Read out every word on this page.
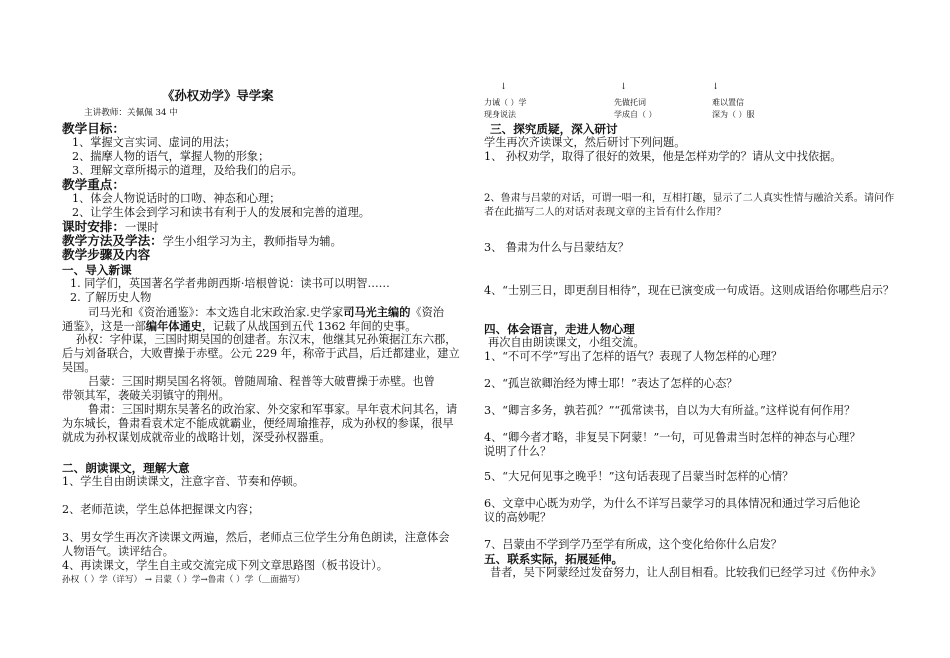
《孙权劝学》导学案
主讲教师：关佩佩 34 中
教学目标：
1、掌握文言实词、虚词的用法；
2、揣摩人物的语气，掌握人物的形象；
3、理解文章所揭示的道理，及给我们的启示。
教学重点：
1、体会人物说话时的口吻、神态和心理；
2、让学生体会到学习和读书有利于人的发展和完善的道理。
课时安排：一课时
教学方法及学法：学生小组学习为主，教师指导为辅。
教学步骤及内容
一、导入新课
1. 同学们，英国著名学者弗朗西斯·培根曾说：读书可以明智……
2. 了解历史人物
司马光和《资治通鉴》：本文选自北宋政治家.史学家司马光主编的《资治
通鉴》，这是一部编年体通史，记载了从战国到五代 1362 年间的史事。
孙权：字仲谋，三国时期吴国的创建者。东汉末，他继其兄孙策据江东六郡，
后与刘备联合，大败曹操于赤壁。公元 229 年，称帝于武昌，后迁都建业，建立
吴国。
吕蒙：三国时期吴国名将领。曾随周瑜、程普等大破曹操于赤壁。也曾
带领其军，袭破关羽镇守的荆州。
鲁肃：三国时期东吴著名的政治家、外交家和军事家。早年袁术问其名，请
为东城长，鲁肃看袁术定不能成就霸业，便经周瑜推荐，成为孙权的参谋，很早
就成为孙权谋划成就帝业的战略计划，深受孙权器重。
二、朗读课文，理解大意
1、学生自由朗读课文，注意字音、节奏和停顿。
2、老师范读，学生总体把握课文内容；
3、男女学生再次齐读课文两遍，然后，老师点三位学生分角色朗读，注意体会
人物语气。读评结合。
4、再读课文，学生自主或交流完成下列文章思路图（板书设计）。
孙权（ ）学（详写） → 吕蒙（ ）学→鲁肃（ ）学（＿面描写）
↓	↓	↓
力诫（ ）学	先做托词	难以置信
现身说法	学成自（ ）	深为（ ）服
三、探究质疑，深入研讨
学生再次齐读课文，然后研讨下列问题。
1、 孙权劝学，取得了很好的效果，他是怎样劝学的？请从文中找依据。
2、鲁肃与吕蒙的对话，可谓一唱一和，互相打趣，显示了二人真实性情与融洽关系。请问作
者在此描写二人的对话对表现文章的主旨有什么作用？
3、 鲁肃为什么与吕蒙结友？
4、“士别三日，即更刮目相待”，现在已演变成一句成语。这则成语给你哪些启示？
四、体会语言，走进人物心理
再次自由朗读课文，小组交流。
1、“不可不学”写出了怎样的语气？表现了人物怎样的心理？
2、“孤岂欲卿治经为博士耶！”表达了怎样的心态？
3、“卿言多务，孰若孤？”“孤常读书，自以为大有所益。”这样说有何作用？
4、“卿今者才略，非复吴下阿蒙！”一句，可见鲁肃当时怎样的神态与心理？
说明了什么？
5、“大兄何见事之晚乎！”这句话表现了吕蒙当时怎样的心情？
6、文章中心既为劝学，为什么不详写吕蒙学习的具体情况和通过学习后他论
议的高妙呢？
7、吕蒙由不学到学乃至学有所成，这个变化给你什么启发？
五、联系实际，拓展延伸。
昔者，吴下阿蒙经过发奋努力，让人刮目相看。比较我们已经学习过《伤仲永》
